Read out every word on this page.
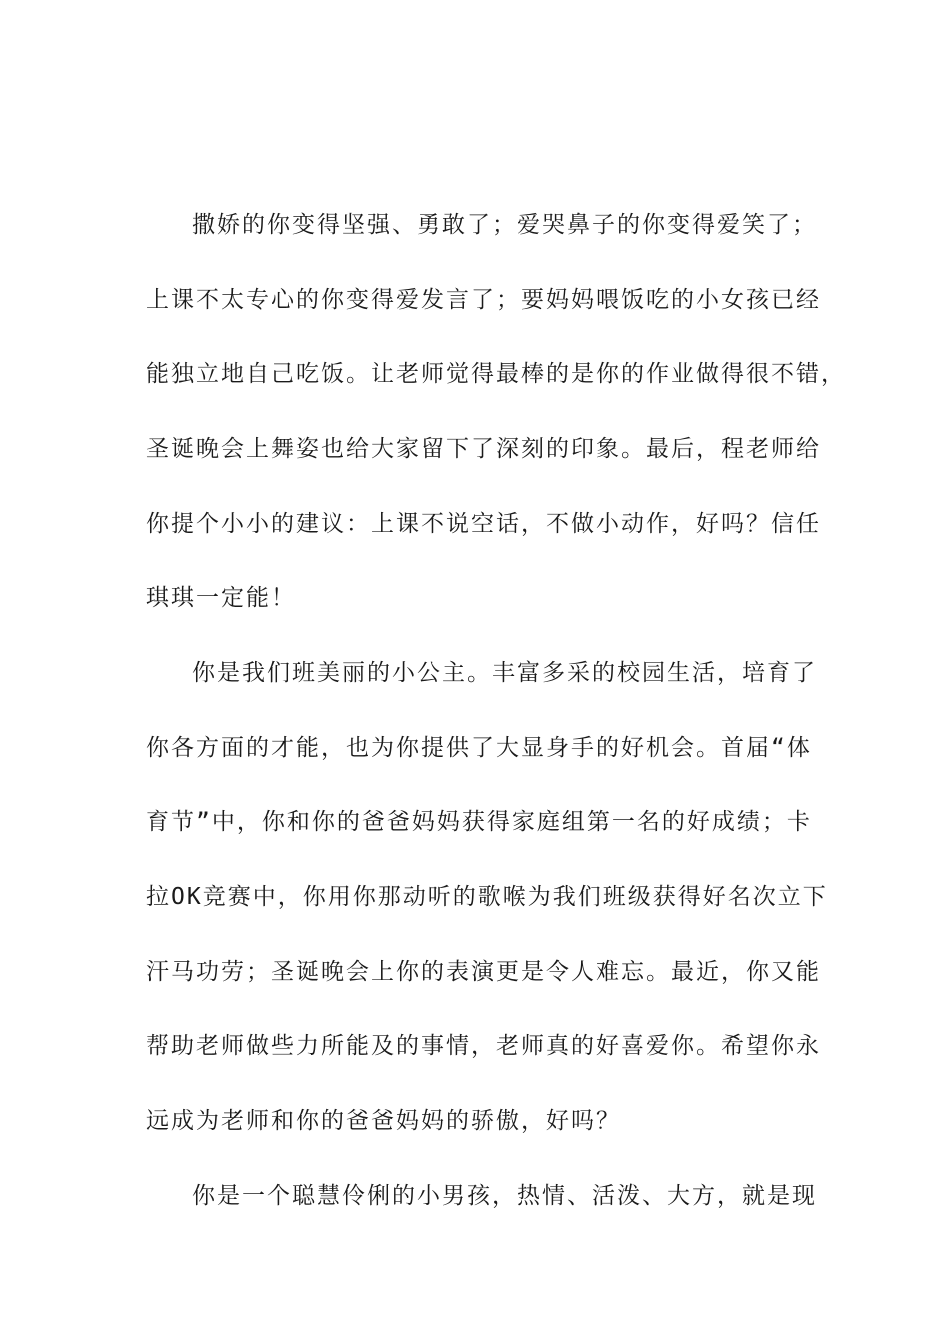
撒娇的你变得坚强、勇敢了；爱哭鼻子的你变得爱笑了；
上课不太专心的你变得爱发言了；要妈妈喂饭吃的小女孩已经
能独立地自己吃饭。让老师觉得最棒的是你的作业做得很不错，
圣诞晚会上舞姿也给大家留下了深刻的印象。最后，程老师给
你提个小小的建议：上课不说空话，不做小动作，好吗？信任
琪琪一定能！
你是我们班美丽的小公主。丰富多采的校园生活，培育了
你各方面的才能，也为你提供了大显身手的好机会。首届“体
育节”中，你和你的爸爸妈妈获得家庭组第一名的好成绩；卡
拉OK竞赛中，你用你那动听的歌喉为我们班级获得好名次立下
汗马功劳；圣诞晚会上你的表演更是令人难忘。最近，你又能
帮助老师做些力所能及的事情，老师真的好喜爱你。希望你永
远成为老师和你的爸爸妈妈的骄傲，好吗？
你是一个聪慧伶俐的小男孩，热情、活泼、大方，就是现
